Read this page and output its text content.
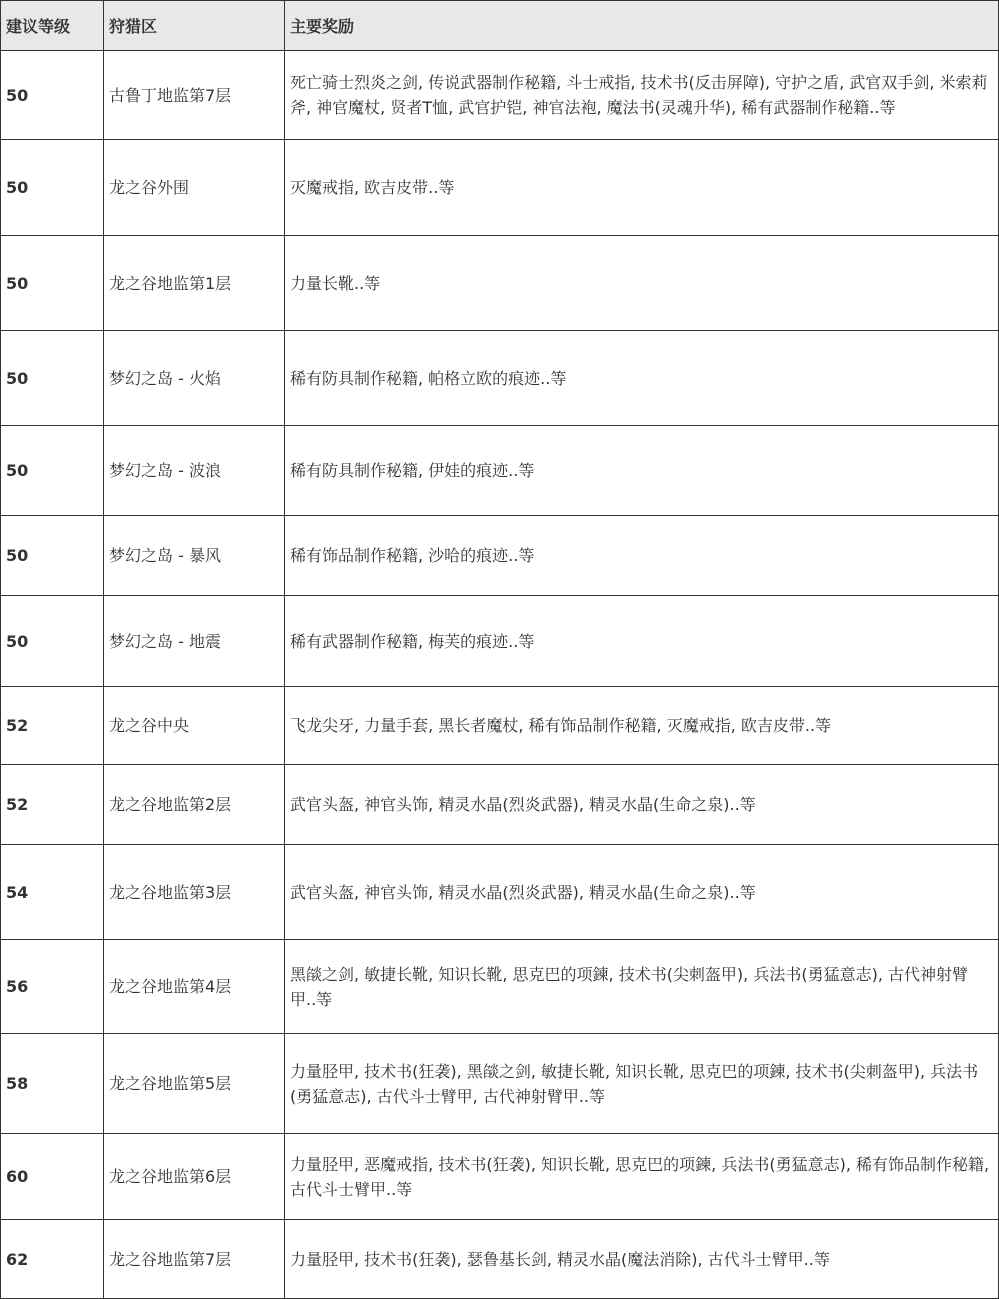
建议等级	狩猎区	主要奖励
50	古鲁丁地监第7层	死亡骑士烈炎之剑, 传说武器制作秘籍, 斗士戒指, 技术书(反击屏障), 守护之盾, 武官双手剑, 米索莉斧, 神官魔杖, 贤者T恤, 武官护铠, 神官法袍, 魔法书(灵魂升华), 稀有武器制作秘籍..等
50	龙之谷外围	灭魔戒指, 欧吉皮带..等
50	龙之谷地监第1层	力量长靴..等
50	梦幻之岛 - 火焰	稀有防具制作秘籍, 帕格立欧的痕迹..等
50	梦幻之岛 - 波浪	稀有防具制作秘籍, 伊娃的痕迹..等
50	梦幻之岛 - 暴风	稀有饰品制作秘籍, 沙哈的痕迹..等
50	梦幻之岛 - 地震	稀有武器制作秘籍, 梅芙的痕迹..等
52	龙之谷中央	飞龙尖牙, 力量手套, 黑长者魔杖, 稀有饰品制作秘籍, 灭魔戒指, 欧吉皮带..等
52	龙之谷地监第2层	武官头盔, 神官头饰, 精灵水晶(烈炎武器), 精灵水晶(生命之泉)..等
54	龙之谷地监第3层	武官头盔, 神官头饰, 精灵水晶(烈炎武器), 精灵水晶(生命之泉)..等
56	龙之谷地监第4层	黑燄之剑, 敏捷长靴, 知识长靴, 思克巴的项鍊, 技术书(尖刺盔甲), 兵法书(勇猛意志), 古代神射臂甲..等
58	龙之谷地监第5层	力量胫甲, 技术书(狂袭), 黑燄之剑, 敏捷长靴, 知识长靴, 思克巴的项鍊, 技术书(尖刺盔甲), 兵法书(勇猛意志), 古代斗士臂甲, 古代神射臂甲..等
60	龙之谷地监第6层	力量胫甲, 恶魔戒指, 技术书(狂袭), 知识长靴, 思克巴的项鍊, 兵法书(勇猛意志), 稀有饰品制作秘籍, 古代斗士臂甲..等
62	龙之谷地监第7层	力量胫甲, 技术书(狂袭), 瑟鲁基长剑, 精灵水晶(魔法消除), 古代斗士臂甲..等
